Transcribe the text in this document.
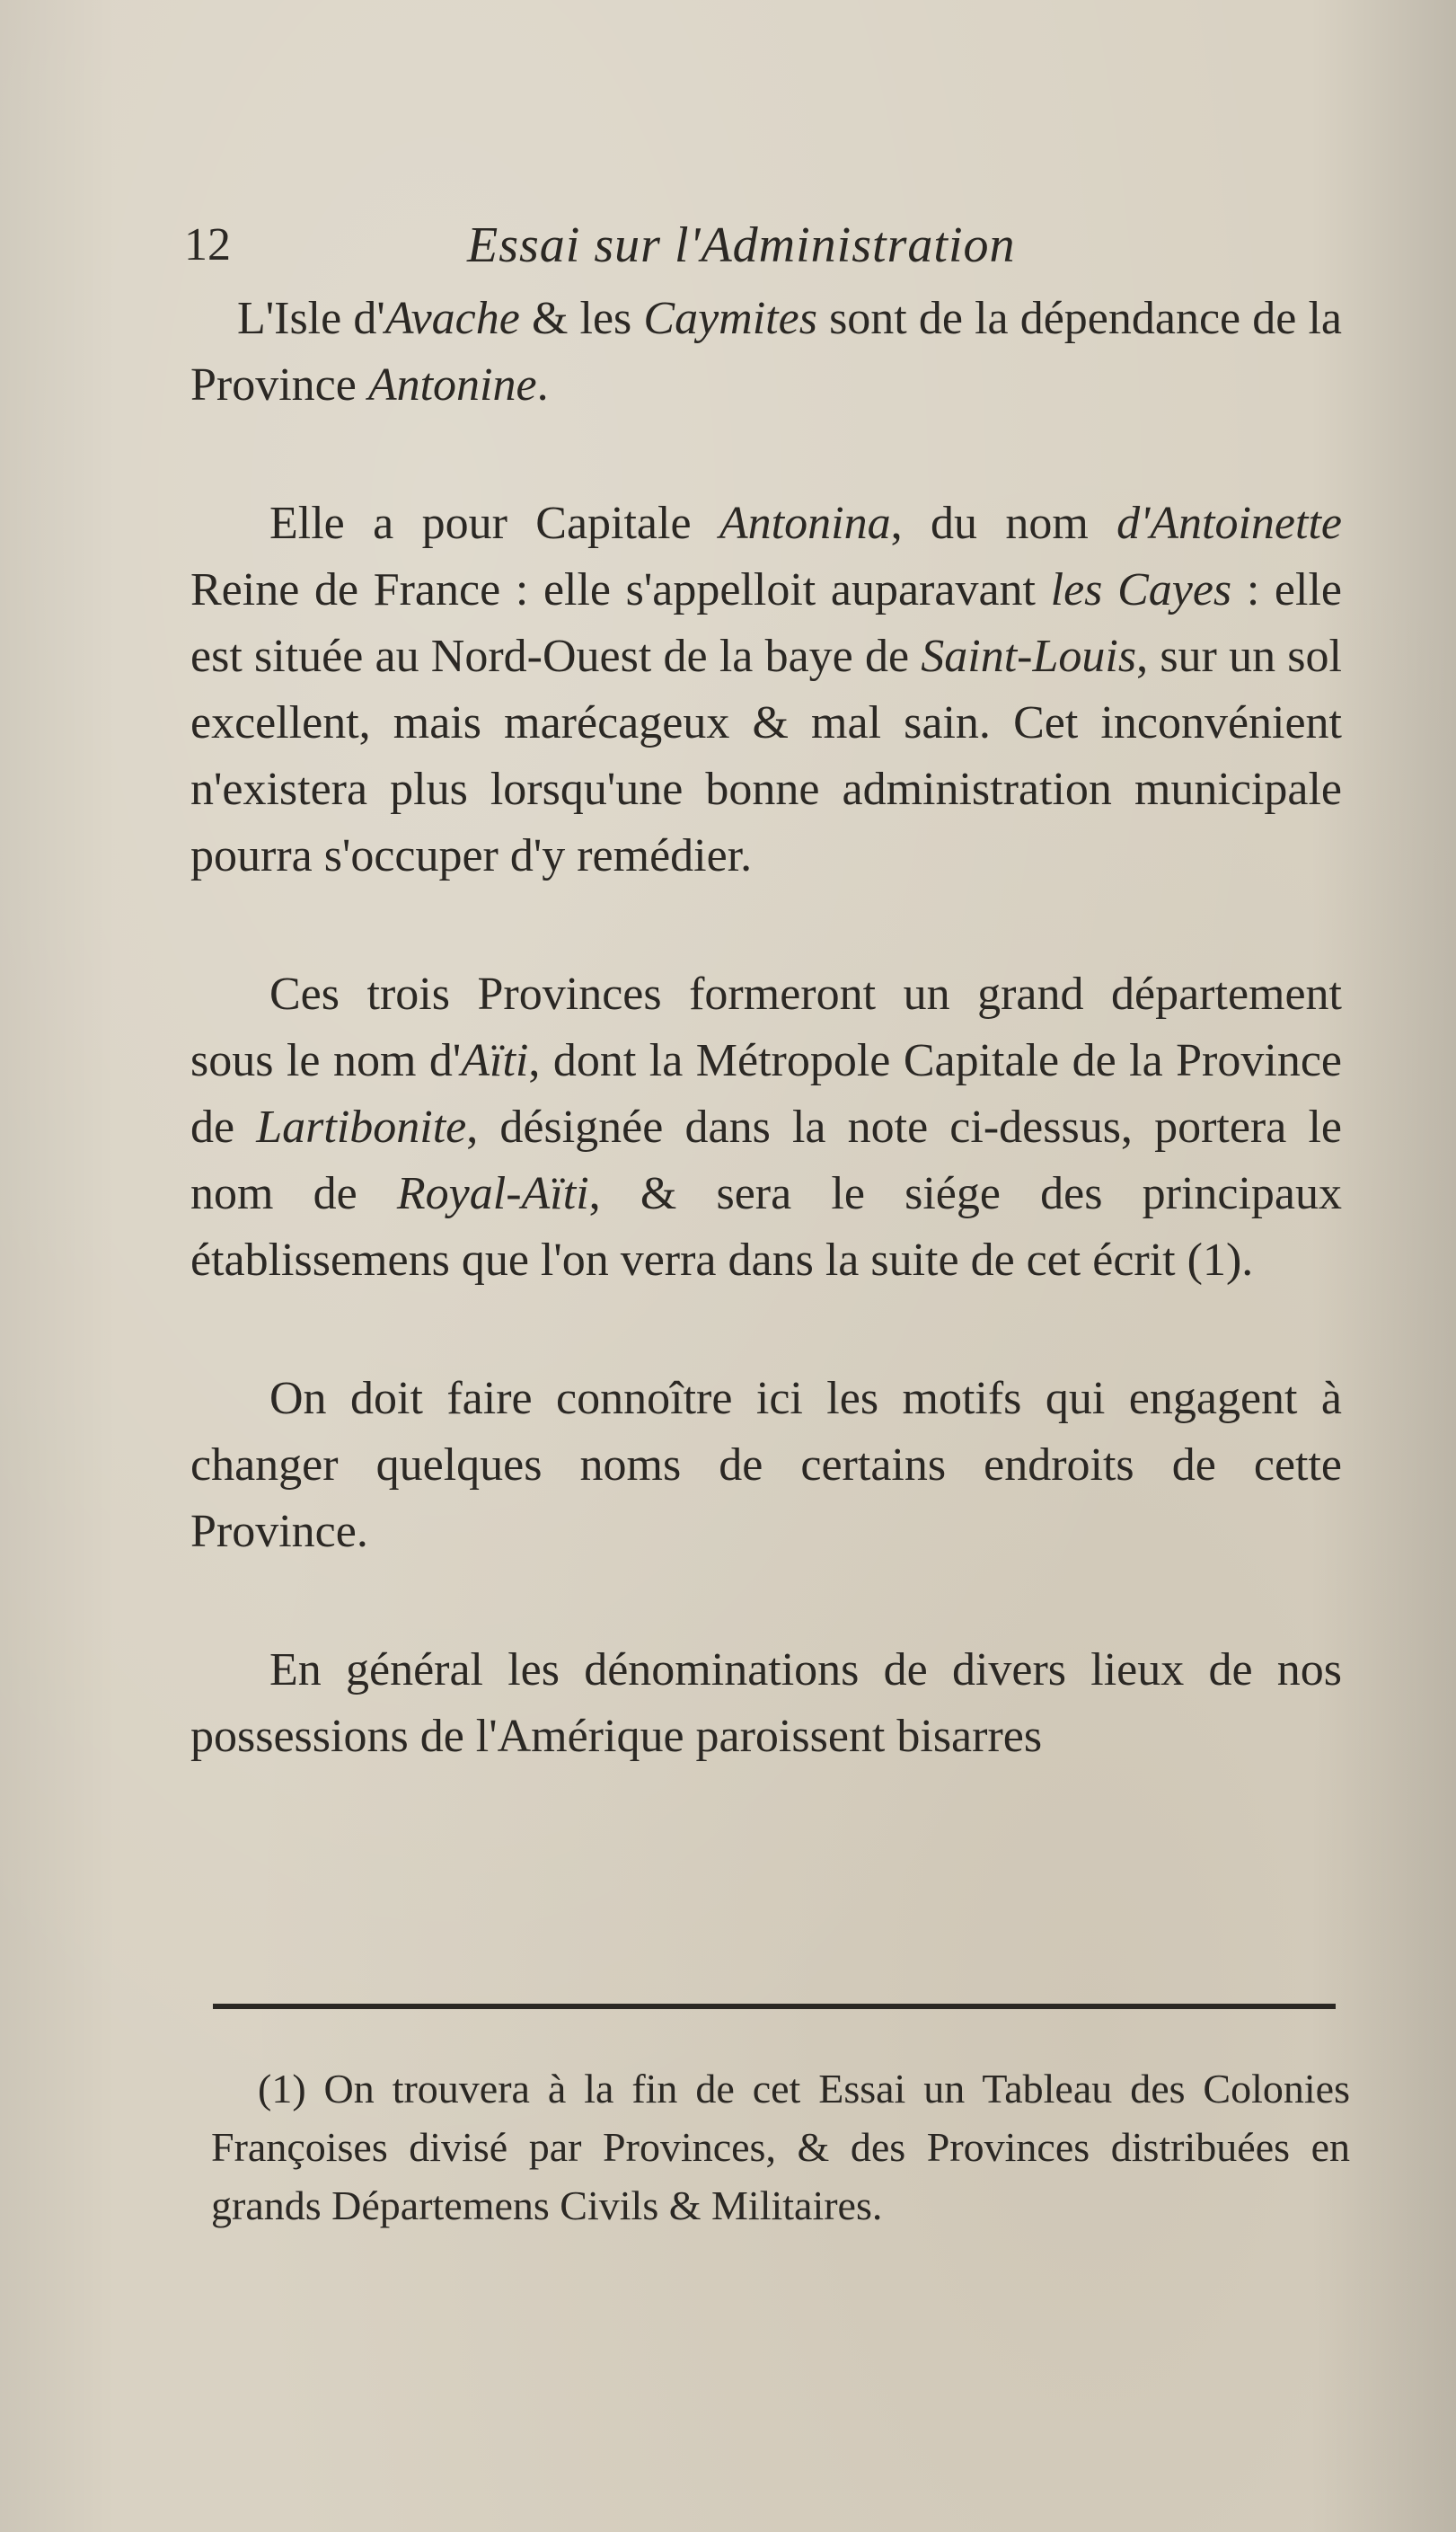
12	Essai sur l'Administration

L'Isle d'Avache & les Caymites sont de la dépendance de la Province Antonine.

Elle a pour Capitale Antonina, du nom d'Antoinette Reine de France : elle s'appelloit auparavant les Cayes : elle est située au Nord-Ouest de la baye de Saint-Louis, sur un sol excellent, mais marécageux & mal sain. Cet inconvénient n'existera plus lorsqu'une bonne administration municipale pourra s'occuper d'y remédier.

Ces trois Provinces formeront un grand département sous le nom d'Aïti, dont la Métropole Capitale de la Province de Lartibonite, désignée dans la note ci-dessus, portera le nom de Royal-Aïti, & sera le siége des principaux établissemens que l'on verra dans la suite de cet écrit (1).

On doit faire connoître ici les motifs qui engagent à changer quelques noms de certains endroits de cette Province.

En général les dénominations de divers lieux de nos possessions de l'Amérique paroissent bisarres

(1) On trouvera à la fin de cet Essai un Tableau des Colonies Françoises divisé par Provinces, & des Provinces distribuées en grands Départemens Civils & Militaires.
